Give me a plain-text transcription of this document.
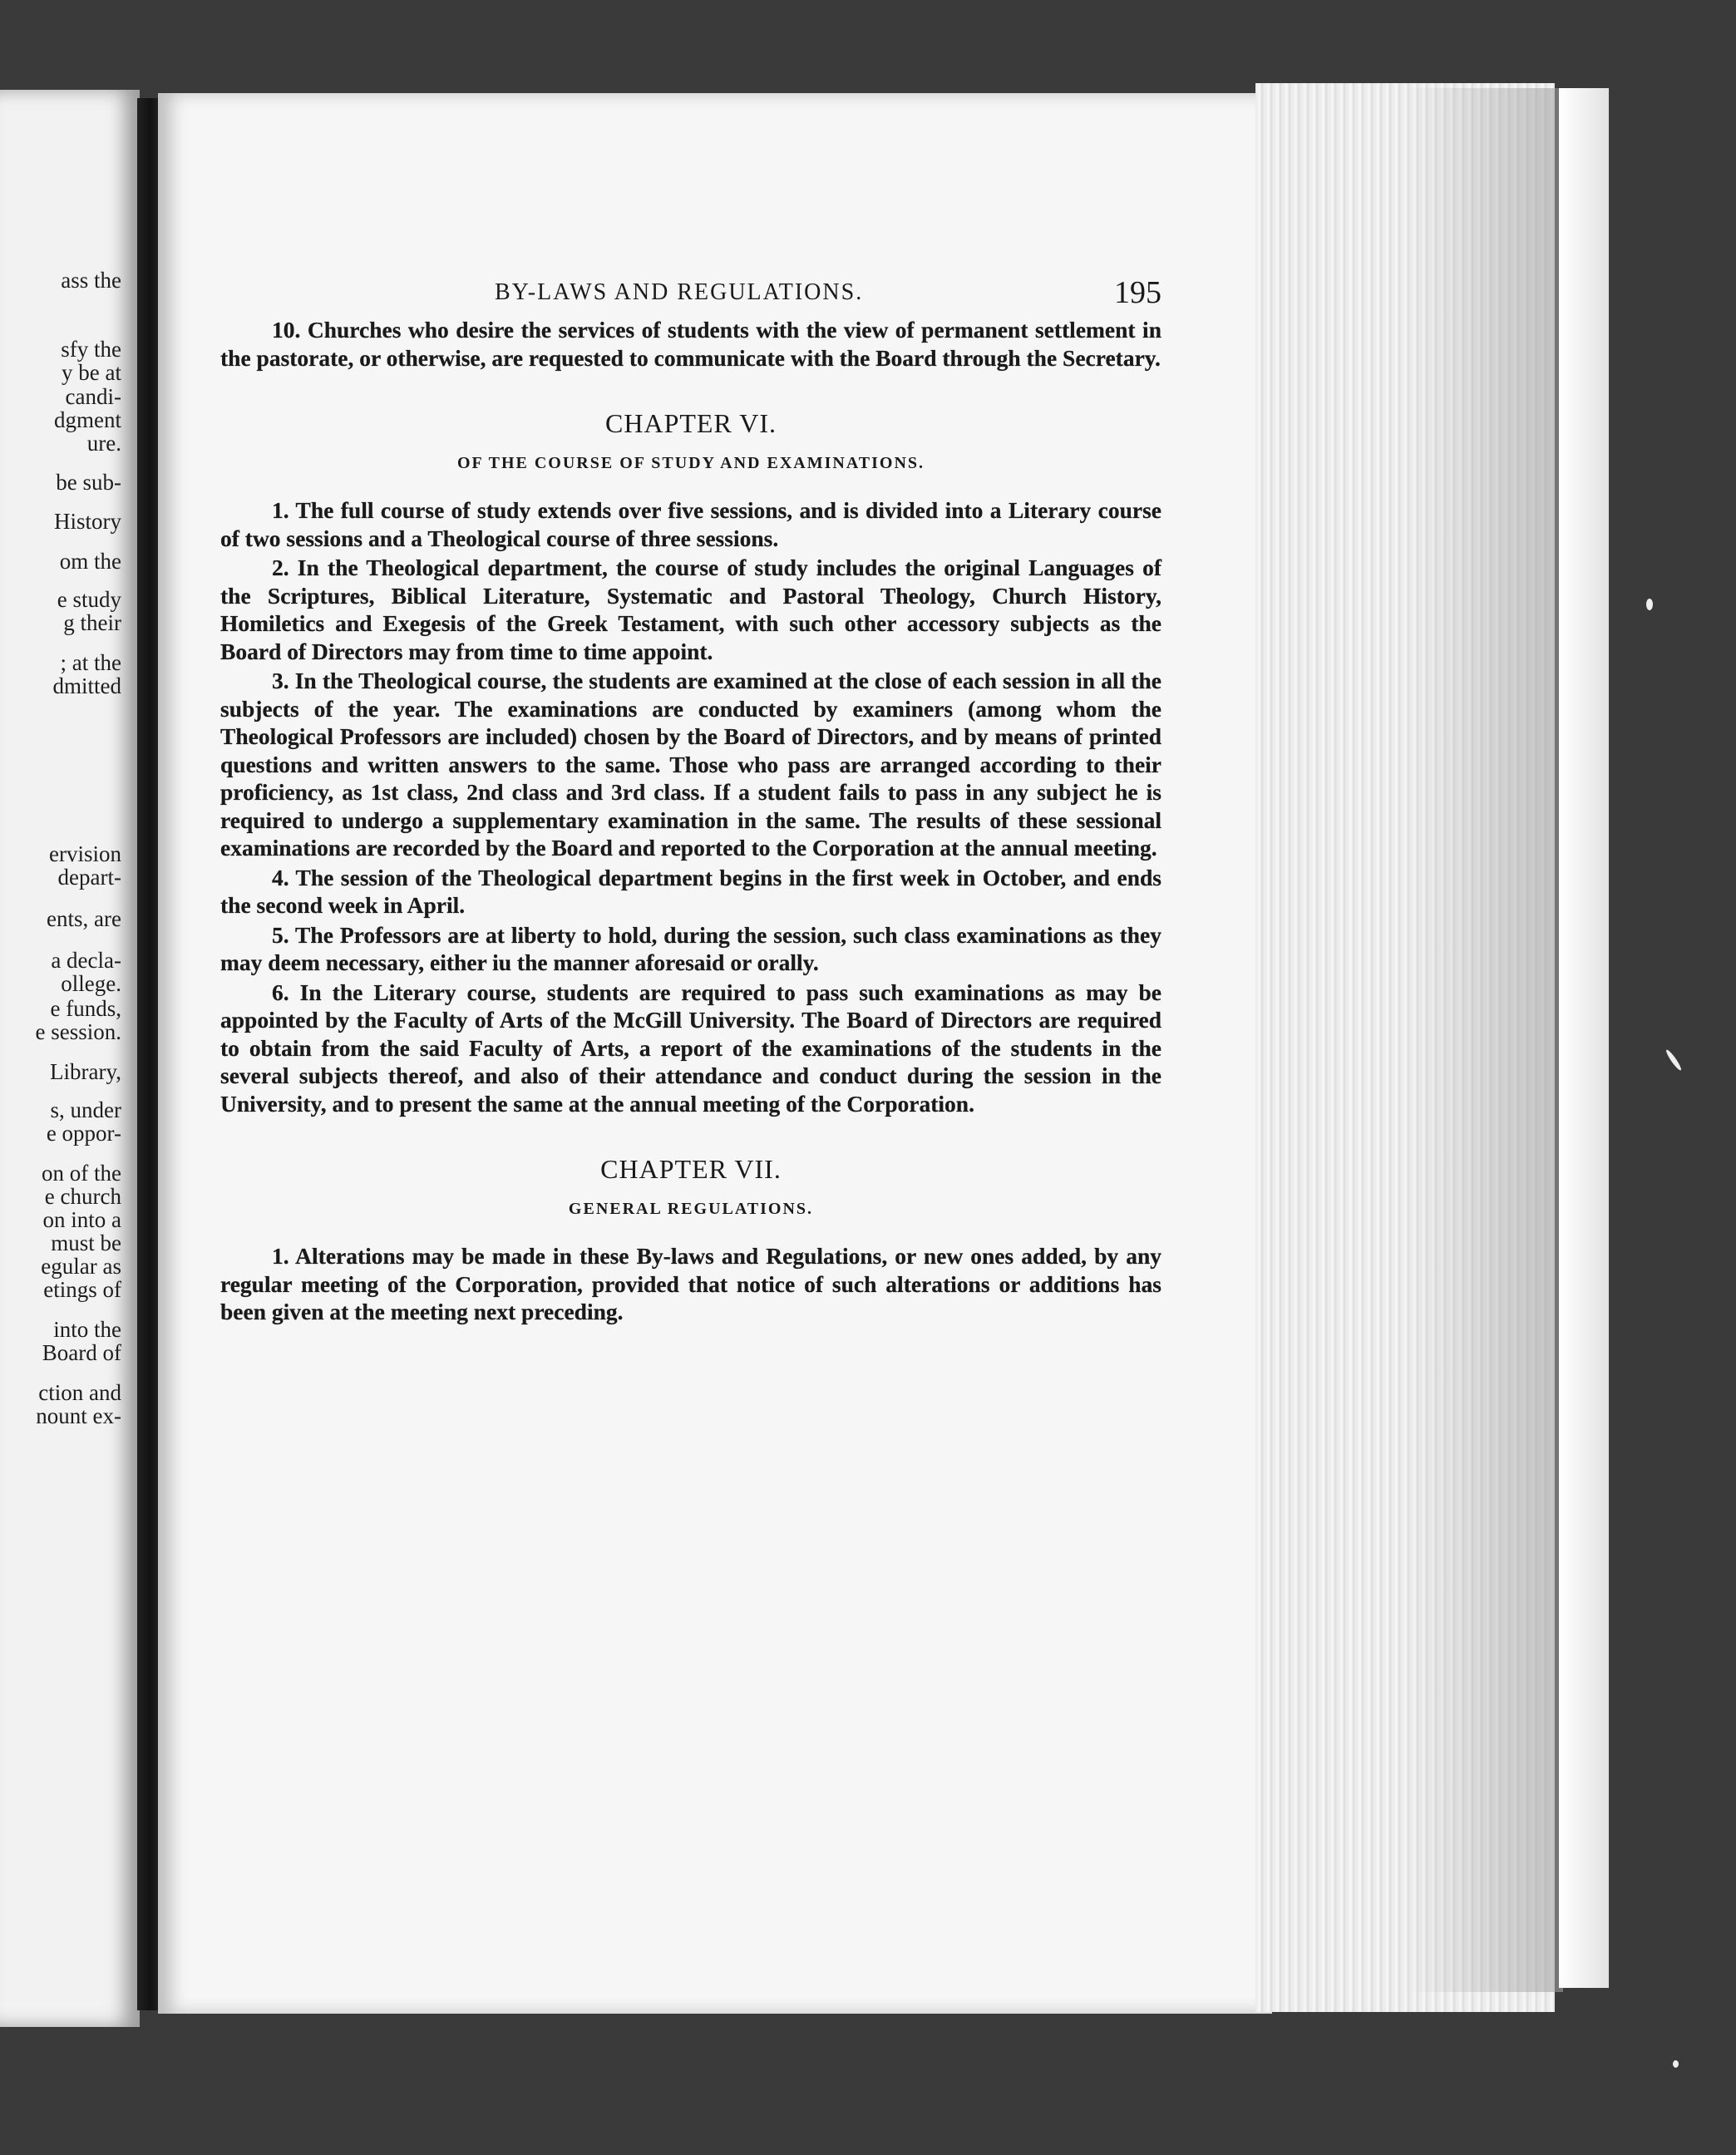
ass the
sfy the
y be at
candi-
dgment
ure.
be sub-
History
om the
e study
g their
; at the
dmitted
ervision
depart-
ents, are
a decla-
ollege.
e funds,
e session.
Library,
s, under
e oppor-
on of the
e church
on into a
must be
egular as
etings of
into the
Board of
ction and
nount ex-
BY-LAWS AND REGULATIONS.	195

10. Churches who desire the services of students with the view of permanent settlement in the pastorate, or otherwise, are requested to communicate with the Board through the Secretary.

CHAPTER VI.
OF THE COURSE OF STUDY AND EXAMINATIONS.

1. The full course of study extends over five sessions, and is divided into a Literary course of two sessions and a Theological course of three sessions.

2. In the Theological department, the course of study includes the original Languages of the Scriptures, Biblical Literature, Systematic and Pastoral Theology, Church History, Homiletics and Exegesis of the Greek Testament, with such other accessory subjects as the Board of Directors may from time to time appoint.

3. In the Theological course, the students are examined at the close of each session in all the subjects of the year. The examinations are conducted by examiners (among whom the Theological Professors are included) chosen by the Board of Directors, and by means of printed questions and written answers to the same. Those who pass are arranged according to their proficiency, as 1st class, 2nd class and 3rd class. If a student fails to pass in any subject he is required to undergo a supplementary examination in the same. The results of these sessional examinations are recorded by the Board and reported to the Corporation at the annual meeting.

4. The session of the Theological department begins in the first week in October, and ends the second week in April.

5. The Professors are at liberty to hold, during the session, such class examinations as they may deem necessary, either iu the manner aforesaid or orally.

6. In the Literary course, students are required to pass such examinations as may be appointed by the Faculty of Arts of the McGill University. The Board of Directors are required to obtain from the said Faculty of Arts, a report of the examinations of the students in the several subjects thereof, and also of their attendance and conduct during the session in the University, and to present the same at the annual meeting of the Corporation.

CHAPTER VII.
GENERAL REGULATIONS.

1. Alterations may be made in these By-laws and Regulations, or new ones added, by any regular meeting of the Corporation, provided that notice of such alterations or additions has been given at the meeting next preceding.
